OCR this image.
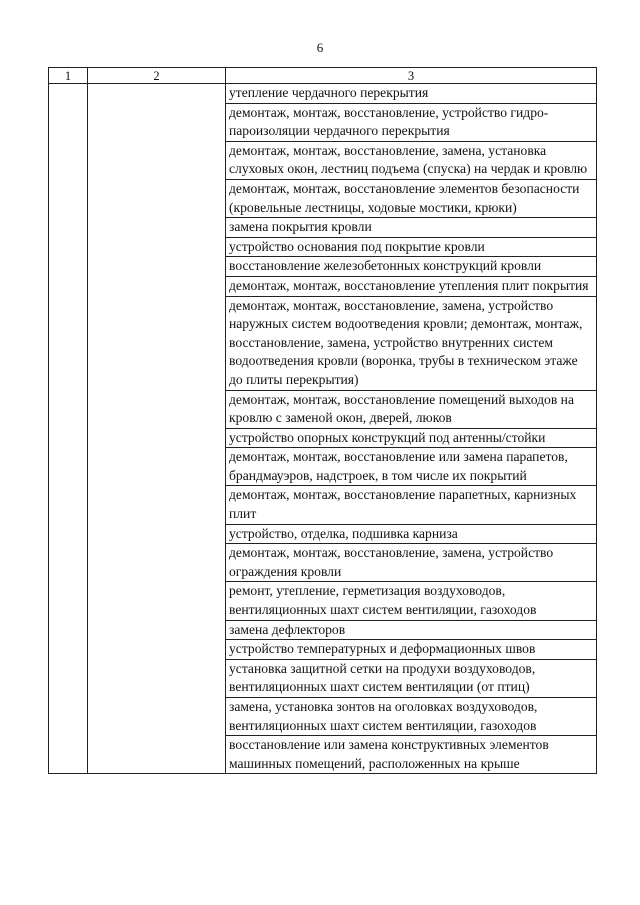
6
1	2	3
		утепление чердачного перекрытия
		демонтаж, монтаж, восстановление, устройство гидро-пароизоляции чердачного перекрытия
		демонтаж, монтаж, восстановление, замена, установка слуховых окон, лестниц подъема (спуска) на чердак и кровлю
		демонтаж, монтаж, восстановление элементов безопасности (кровельные лестницы, ходовые мостики, крюки)
		замена покрытия кровли
		устройство основания под покрытие кровли
		восстановление железобетонных конструкций кровли
		демонтаж, монтаж, восстановление утепления плит покрытия
		демонтаж, монтаж, восстановление, замена, устройство наружных систем водоотведения кровли; демонтаж, монтаж, восстановление, замена, устройство внутренних систем водоотведения кровли (воронка, трубы в техническом этаже до плиты перекрытия)
		демонтаж, монтаж, восстановление помещений выходов на кровлю с заменой окон, дверей, люков
		устройство опорных конструкций под антенны/стойки
		демонтаж, монтаж, восстановление или замена парапетов, брандмауэров, надстроек, в том числе их покрытий
		демонтаж, монтаж, восстановление парапетных, карнизных плит
		устройство, отделка, подшивка карниза
		демонтаж, монтаж, восстановление, замена, устройство ограждения кровли
		ремонт, утепление, герметизация воздуховодов, вентиляционных шахт систем вентиляции, газоходов
		замена дефлекторов
		устройство температурных и деформационных швов
		установка защитной сетки на продухи воздуховодов, вентиляционных шахт систем вентиляции (от птиц)
		замена, установка зонтов на оголовках воздуховодов, вентиляционных шахт систем вентиляции, газоходов
		восстановление или замена конструктивных элементов машинных помещений, расположенных на крыше
